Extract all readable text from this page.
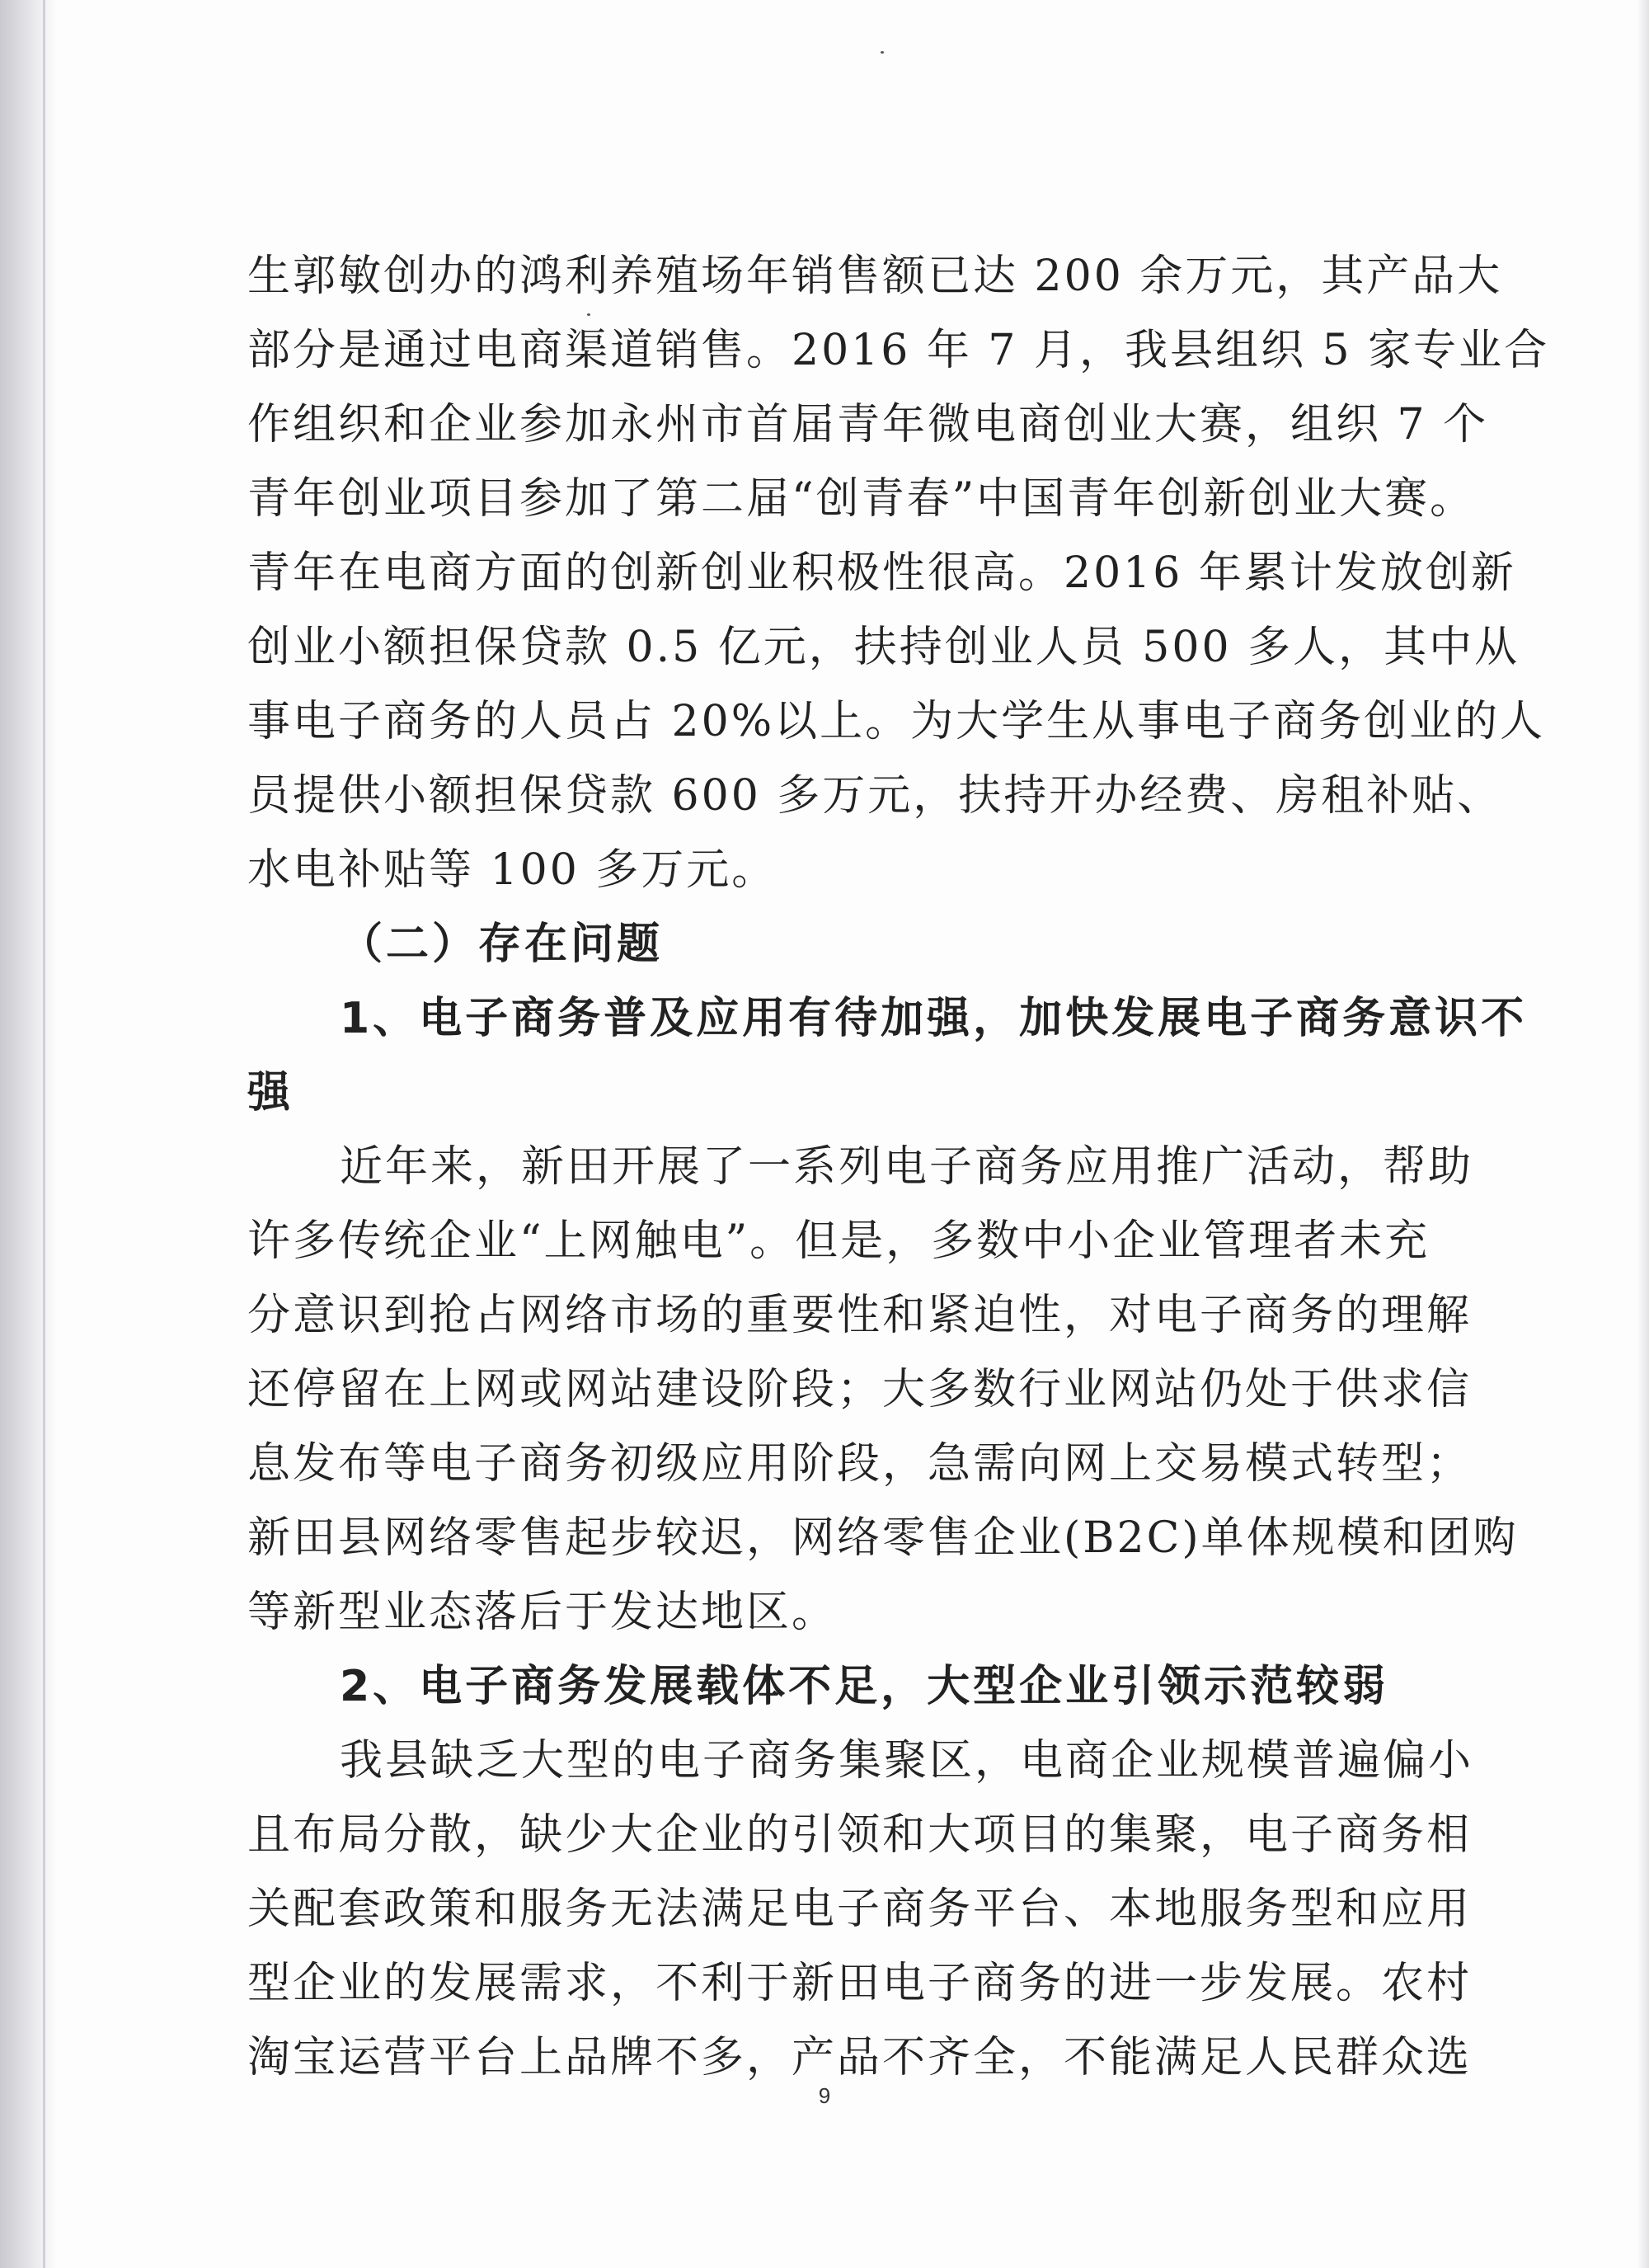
生郭敏创办的鸿利养殖场年销售额已达 200 余万元，其产品大
部分是通过电商渠道销售。2016 年 7 月，我县组织 5 家专业合
作组织和企业参加永州市首届青年微电商创业大赛，组织 7 个
青年创业项目参加了第二届“创青春”中国青年创新创业大赛。
青年在电商方面的创新创业积极性很高。2016 年累计发放创新
创业小额担保贷款 0.5 亿元，扶持创业人员 500 多人，其中从
事电子商务的人员占 20%以上。为大学生从事电子商务创业的人
员提供小额担保贷款 600 多万元，扶持开办经费、房租补贴、
水电补贴等 100 多万元。
（二）存在问题
1、电子商务普及应用有待加强，加快发展电子商务意识不
强
近年来，新田开展了一系列电子商务应用推广活动，帮助
许多传统企业“上网触电”。但是，多数中小企业管理者未充
分意识到抢占网络市场的重要性和紧迫性，对电子商务的理解
还停留在上网或网站建设阶段；大多数行业网站仍处于供求信
息发布等电子商务初级应用阶段，急需向网上交易模式转型；
新田县网络零售起步较迟，网络零售企业(B2C)单体规模和团购
等新型业态落后于发达地区。
2、电子商务发展载体不足，大型企业引领示范较弱
我县缺乏大型的电子商务集聚区，电商企业规模普遍偏小
且布局分散，缺少大企业的引领和大项目的集聚，电子商务相
关配套政策和服务无法满足电子商务平台、本地服务型和应用
型企业的发展需求，不利于新田电子商务的进一步发展。农村
淘宝运营平台上品牌不多，产品不齐全，不能满足人民群众选
9
